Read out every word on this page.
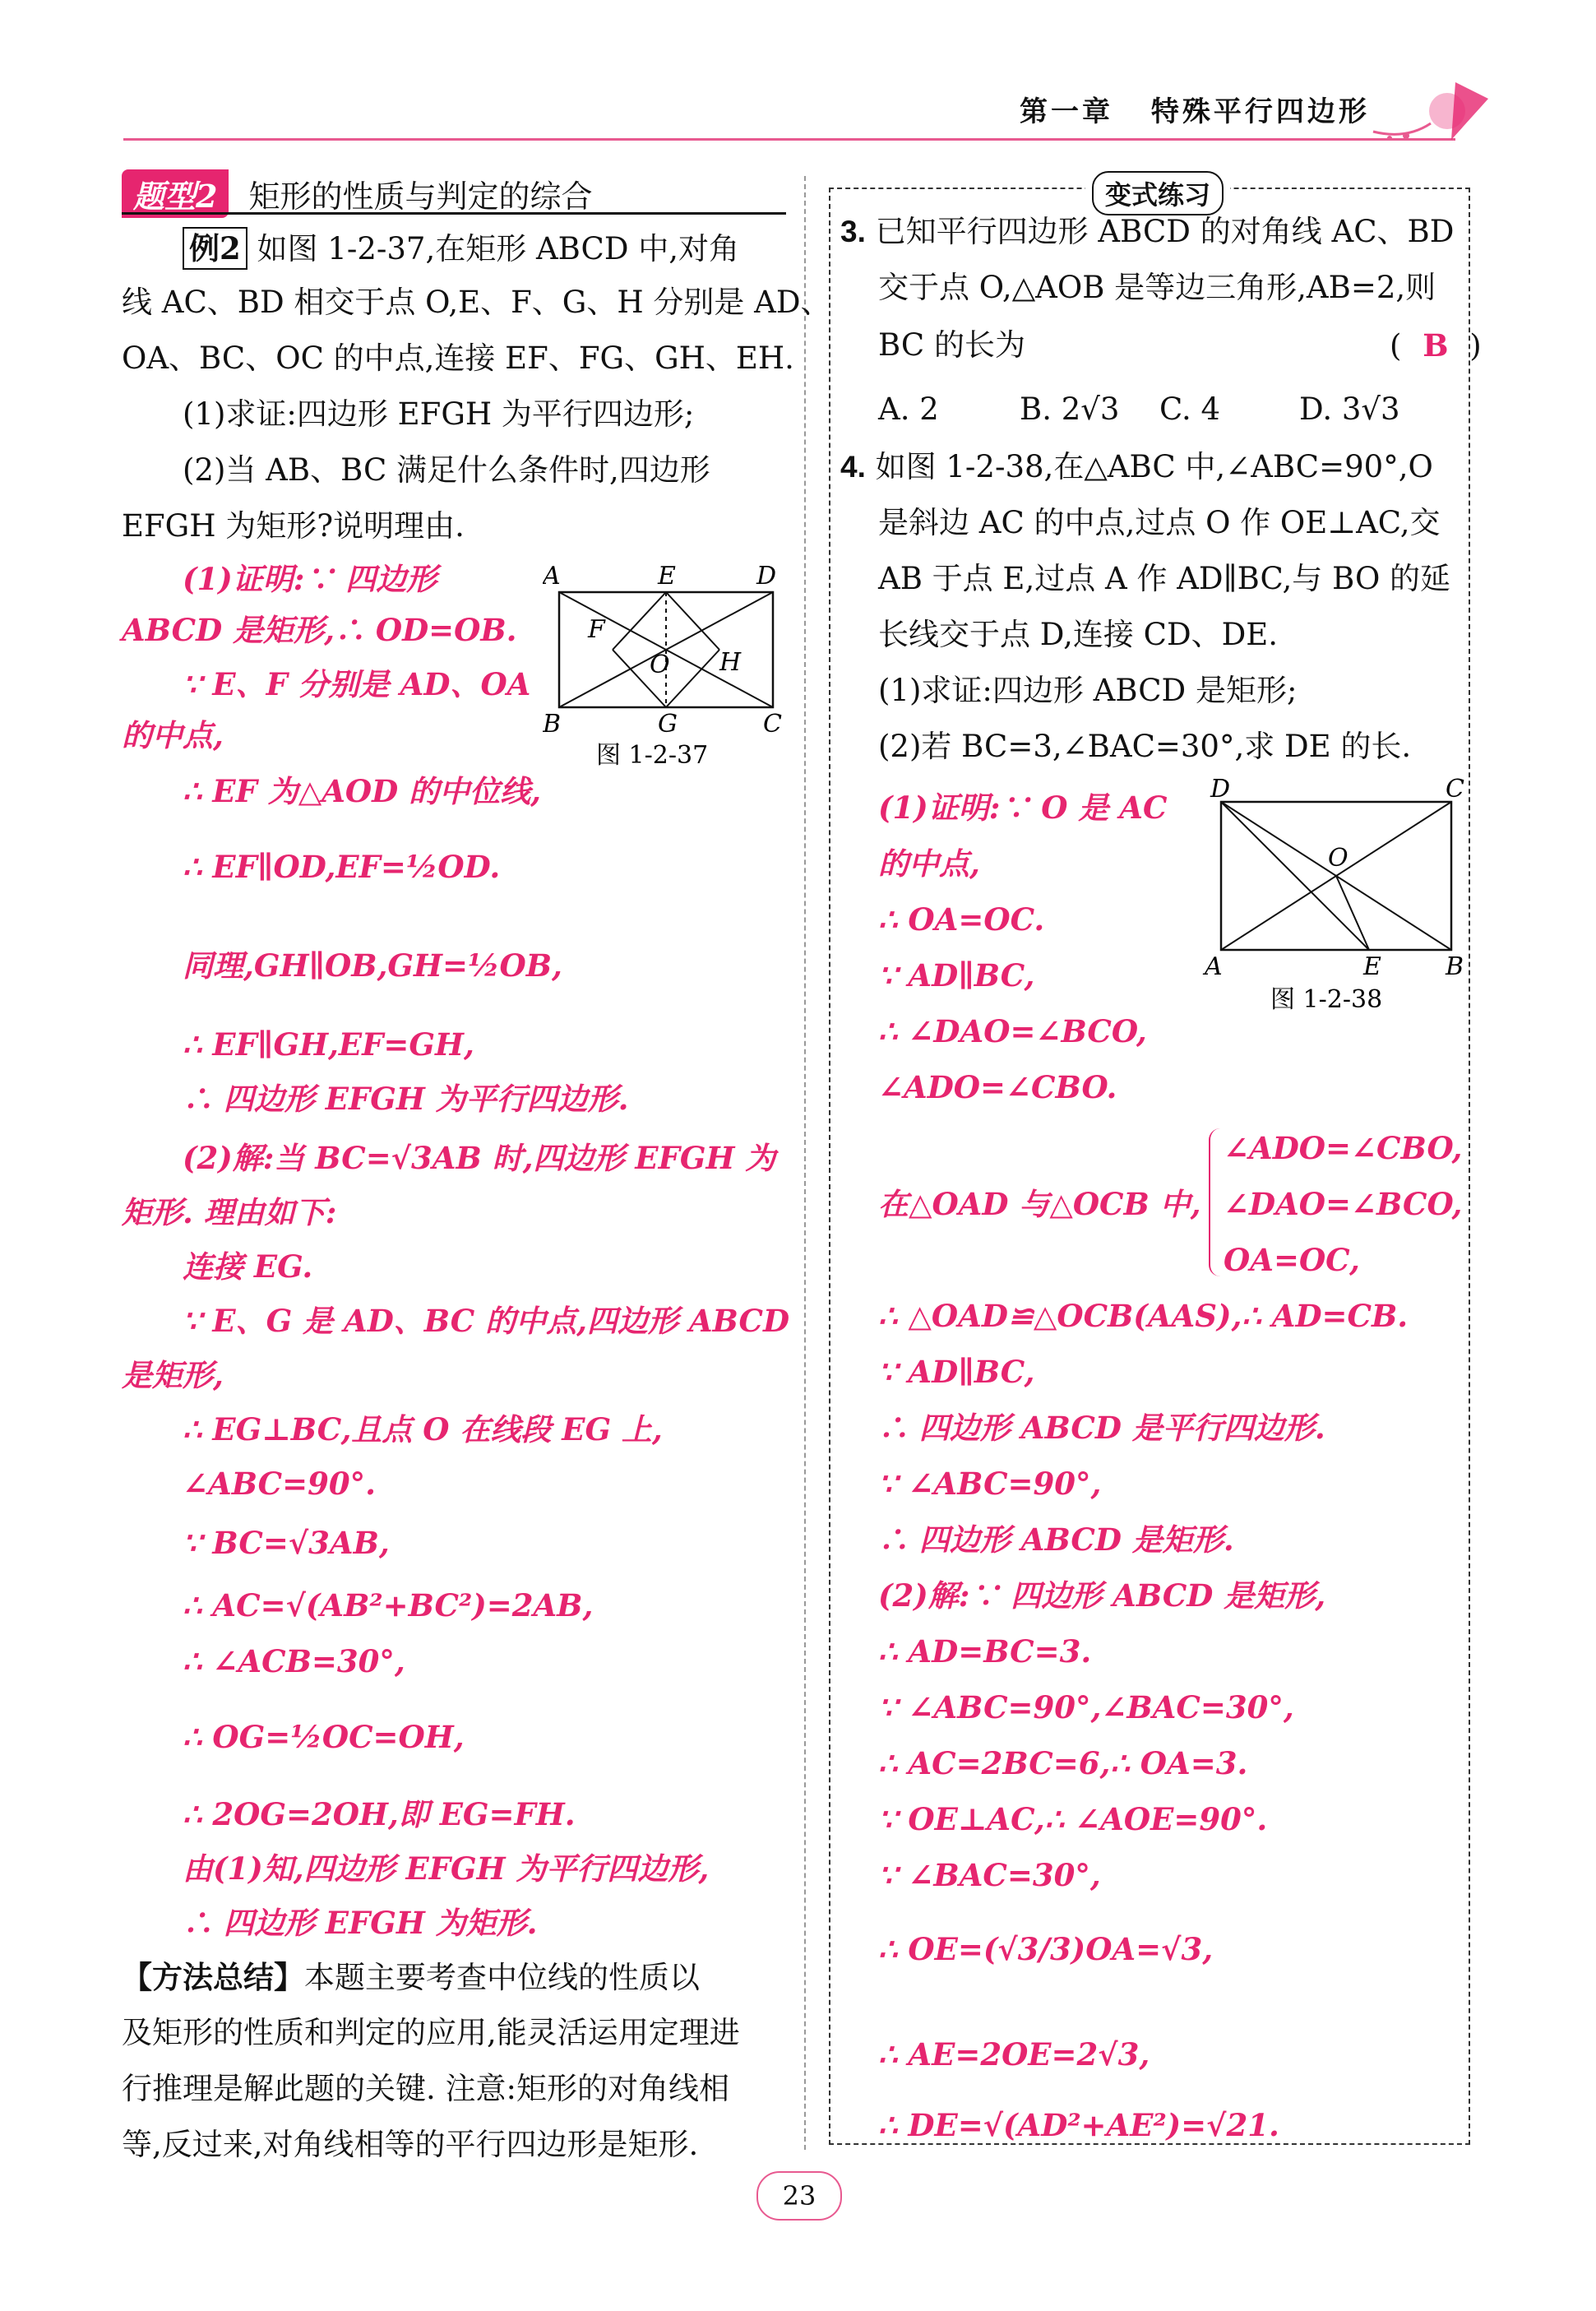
第一章 特殊平行四边形
题型2 矩形的性质与判定的综合
例2 如图 1-2-37,在矩形 ABCD 中,对角
线 AC、BD 相交于点 O,E、F、G、H 分别是 AD、
OA、BC、OC 的中点,连接 EF、FG、GH、EH.
(1)求证:四边形 EFGH 为平行四边形;
(2)当 AB、BC 满足什么条件时,四边形
EFGH 为矩形?说明理由.
A	E	D
F
O H
B	G	C
图 1-2-37
(1)证明:∵ 四边形
ABCD 是矩形,∴ OD=OB.
∵ E、F 分别是 AD、OA
的中点,
∴ EF 为△AOD 的中位线,
∴ EF∥OD,EF=½OD.
同理,GH∥OB,GH=½OB,
∴ EF∥GH,EF=GH,
∴ 四边形 EFGH 为平行四边形.
(2)解:当 BC=√3AB 时,四边形 EFGH 为
矩形. 理由如下:
连接 EG.
∵ E、G 是 AD、BC 的中点,四边形 ABCD
是矩形,
∴ EG⊥BC,且点 O 在线段 EG 上,
∠ABC=90°.
∵ BC=√3AB,
∴ AC=√(AB²+BC²)=2AB,
∴ ∠ACB=30°,
∴ OG=½OC=OH,
∴ 2OG=2OH,即 EG=FH.
由(1)知,四边形 EFGH 为平行四边形,
∴ 四边形 EFGH 为矩形.
【方法总结】本题主要考查中位线的性质以
及矩形的性质和判定的应用,能灵活运用定理进
行推理是解此题的关键. 注意:矩形的对角线相
等,反过来,对角线相等的平行四边形是矩形.
变式练习
3. 已知平行四边形 ABCD 的对角线 AC、BD
交于点 O,△AOB 是等边三角形,AB=2,则
BC 的长为	( B )
A. 2	B. 2√3 C. 4	D. 3√3
4. 如图 1-2-38,在△ABC 中,∠ABC=90°,O
是斜边 AC 的中点,过点 O 作 OE⊥AC,交
AB 于点 E,过点 A 作 AD∥BC,与 BO 的延
长线交于点 D,连接 CD、DE.
(1)求证:四边形 ABCD 是矩形;
(2)若 BC=3,∠BAC=30°,求 DE 的长.
D	C
O
A	E	B
图 1-2-38
(1)证明:∵ O 是 AC
的中点,
∴ OA=OC.
∵ AD∥BC,
∴ ∠DAO=∠BCO,
∠ADO=∠CBO.
在△OAD 与△OCB 中,
∠ADO=∠CBO,
∠DAO=∠BCO,
OA=OC,
∴ △OAD≌△OCB(AAS),∴ AD=CB.
∵ AD∥BC,
∴ 四边形 ABCD 是平行四边形.
∵ ∠ABC=90°,
∴ 四边形 ABCD 是矩形.
(2)解:∵ 四边形 ABCD 是矩形,
∴ AD=BC=3.
∵ ∠ABC=90°,∠BAC=30°,
∴ AC=2BC=6,∴ OA=3.
∵ OE⊥AC,∴ ∠AOE=90°.
∵ ∠BAC=30°,
∴ OE=(√3/3)OA=√3,
∴ AE=2OE=2√3,
∴ DE=√(AD²+AE²)=√21.
23
